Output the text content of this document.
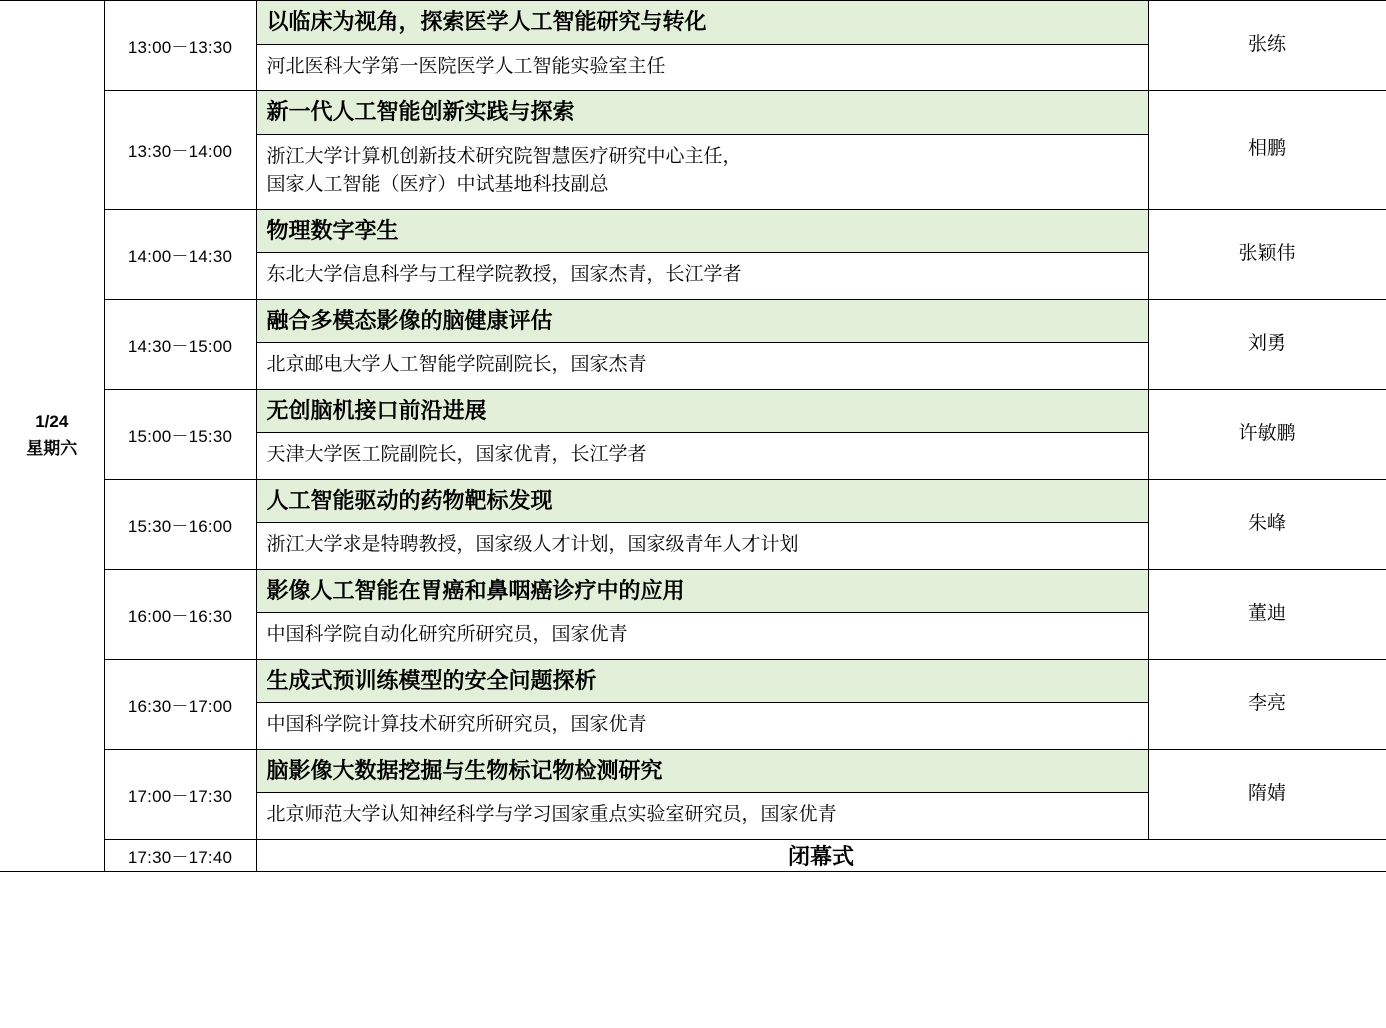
1/24
星期六
	13:00－13:30	
以临床为视角，探索医学人工智能研究与转化
河北医科大学第一医院医学人工智能实验室主任
	张练
	13:30－14:00	新一代人工智能创新实践与探索
浙江大学计算机创新技术研究院智慧医疗研究中心主任，
国家人工智能（医疗）中试基地科技副总	相鹏
	14:00－14:30	物理数字孪生
东北大学信息科学与工程学院教授，国家杰青，长江学者	张颖伟
	14:30－15:00	融合多模态影像的脑健康评估
北京邮电大学人工智能学院副院长，国家杰青	刘勇
	15:00－15:30	无创脑机接口前沿进展
天津大学医工院副院长，国家优青，长江学者	许敏鹏
	15:30－16:00	人工智能驱动的药物靶标发现
浙江大学求是特聘教授，国家级人才计划，国家级青年人才计划	朱峰
	16:00－16:30	影像人工智能在胃癌和鼻咽癌诊疗中的应用
中国科学院自动化研究所研究员，国家优青	董迪
	16:30－17:00	生成式预训练模型的安全问题探析
中国科学院计算技术研究所研究员，国家优青	李亮
	17:00－17:30	脑影像大数据挖掘与生物标记物检测研究
北京师范大学认知神经科学与学习国家重点实验室研究员，国家优青	隋婧
	17:30－17:40	闭幕式	
